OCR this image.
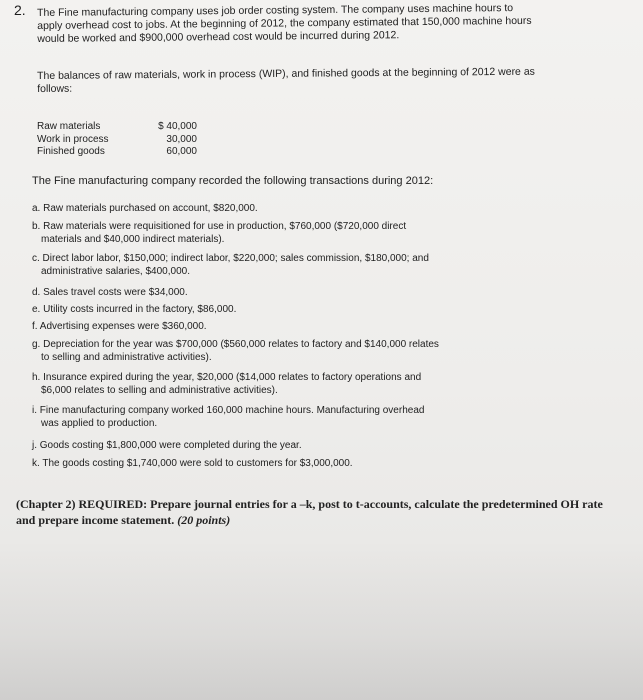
2. The Fine manufacturing company uses job order costing system. The company uses machine hours to
apply overhead cost to jobs. At the beginning of 2012, the company estimated that 150,000 machine hours
would be worked and $900,000 overhead cost would be incurred during 2012.
The balances of raw materials, work in process (WIP), and finished goods at the beginning of 2012 were as
follows:
Raw materials	$ 40,000
Work in process	30,000
Finished goods	60,000
The Fine manufacturing company recorded the following transactions during 2012:
a. Raw materials purchased on account, $820,000.
b. Raw materials were requisitioned for use in production, $760,000 ($720,000 direct
materials and $40,000 indirect materials).
c. Direct labor labor, $150,000; indirect labor, $220,000; sales commission, $180,000; and
administrative salaries, $400,000.
d. Sales travel costs were $34,000.
e. Utility costs incurred in the factory, $86,000.
f. Advertising expenses were $360,000.
g. Depreciation for the year was $700,000 ($560,000 relates to factory and $140,000 relates
to selling and administrative activities).
h. Insurance expired during the year, $20,000 ($14,000 relates to factory operations and
$6,000 relates to selling and administrative activities).
i. Fine manufacturing company worked 160,000 machine hours. Manufacturing overhead
was applied to production.
j. Goods costing $1,800,000 were completed during the year.
k. The goods costing $1,740,000 were sold to customers for $3,000,000.
(Chapter 2) REQUIRED: Prepare journal entries for a –k, post to t-accounts, calculate the predetermined OH rate
and prepare income statement. (20 points)
